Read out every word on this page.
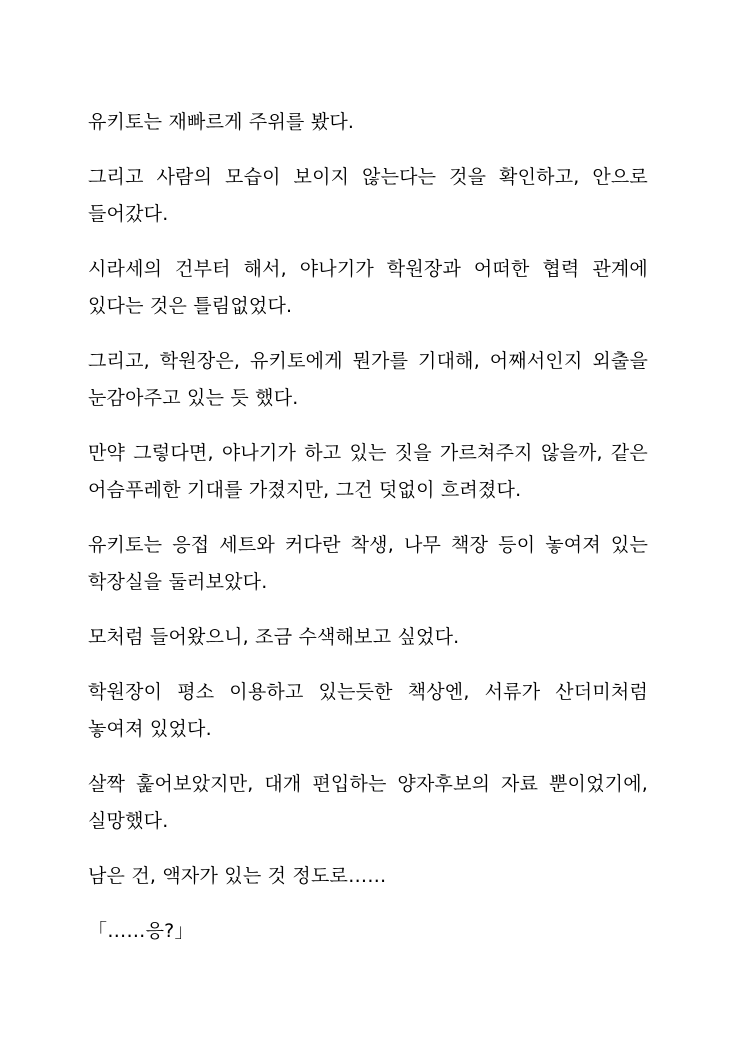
유키토는 재빠르게 주위를 봤다.

그리고 사람의 모습이 보이지 않는다는 것을 확인하고, 안으로 들어갔다.

시라세의 건부터 해서, 야나기가 학원장과 어떠한 협력 관계에 있다는 것은 틀림없었다.

그리고, 학원장은, 유키토에게 뭔가를 기대해, 어째서인지 외출을 눈감아주고 있는 듯 했다.

만약 그렇다면, 야나기가 하고 있는 짓을 가르쳐주지 않을까, 같은 어슴푸레한 기대를 가졌지만, 그건 덧없이 흐려졌다.

유키토는 응접 세트와 커다란 착생, 나무 책장 등이 놓여져 있는 학장실을 둘러보았다.

모처럼 들어왔으니, 조금 수색해보고 싶었다.

학원장이 평소 이용하고 있는듯한 책상엔, 서류가 산더미처럼 놓여져 있었다.

살짝 훑어보았지만, 대개 편입하는 양자후보의 자료 뿐이었기에, 실망했다.

남은 건, 액자가 있는 것 정도로……

「……응?」
